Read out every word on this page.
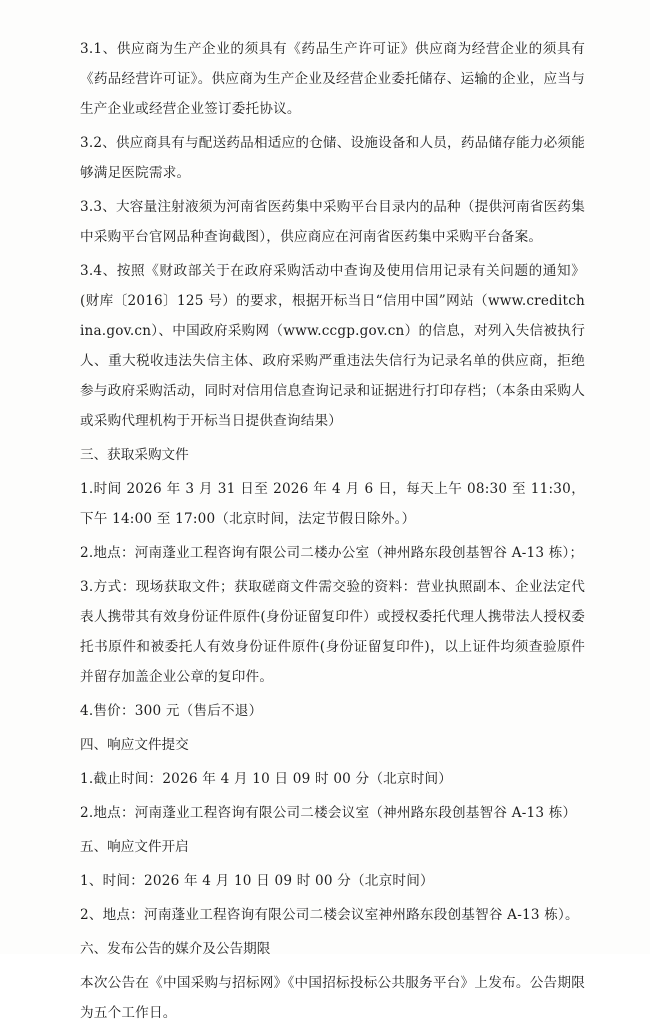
3.1、供应商为生产企业的须具有《药品生产许可证》供应商为经营企业的须具有《药品经营许可证》。供应商为生产企业及经营企业委托储存、运输的企业，应当与生产企业或经营企业签订委托协议。

3.2、供应商具有与配送药品相适应的仓储、设施设备和人员，药品储存能力必须能够满足医院需求。

3.3、大容量注射液须为河南省医药集中采购平台目录内的品种（提供河南省医药集中采购平台官网品种查询截图），供应商应在河南省医药集中采购平台备案。

3.4、按照《财政部关于在政府采购活动中查询及使用信用记录有关问题的通知》(财库〔2016〕125 号）的要求，根据开标当日“信用中国”网站（www.creditchina.gov.cn）、中国政府采购网（www.ccgp.gov.cn）的信息，对列入失信被执行人、重大税收违法失信主体、政府采购严重违法失信行为记录名单的供应商，拒绝参与政府采购活动，同时对信用信息查询记录和证据进行打印存档；（本条由采购人或采购代理机构于开标当日提供查询结果）

三、获取采购文件

1.时间 2026 年 3 月 31 日至 2026 年 4 月 6 日，每天上午 08:30 至 11:30，下午 14:00 至 17:00（北京时间，法定节假日除外。）

2.地点：河南蓬业工程咨询有限公司二楼办公室（神州路东段创基智谷 A-13 栋）；

3.方式：现场获取文件；获取磋商文件需交验的资料：营业执照副本、企业法定代表人携带其有效身份证件原件(身份证留复印件）或授权委托代理人携带法人授权委托书原件和被委托人有效身份证件原件(身份证留复印件)，以上证件均须查验原件并留存加盖企业公章的复印件。

4.售价：300 元（售后不退）

四、响应文件提交

1.截止时间：2026 年 4 月 10 日 09 时 00 分（北京时间）

2.地点：河南蓬业工程咨询有限公司二楼会议室（神州路东段创基智谷 A-13 栋）

五、响应文件开启

1、时间：2026 年 4 月 10 日 09 时 00 分（北京时间）

2、地点：河南蓬业工程咨询有限公司二楼会议室神州路东段创基智谷 A-13 栋）。

六、发布公告的媒介及公告期限

本次公告在《中国采购与招标网》《中国招标投标公共服务平台》上发布。公告期限为五个工作日。
